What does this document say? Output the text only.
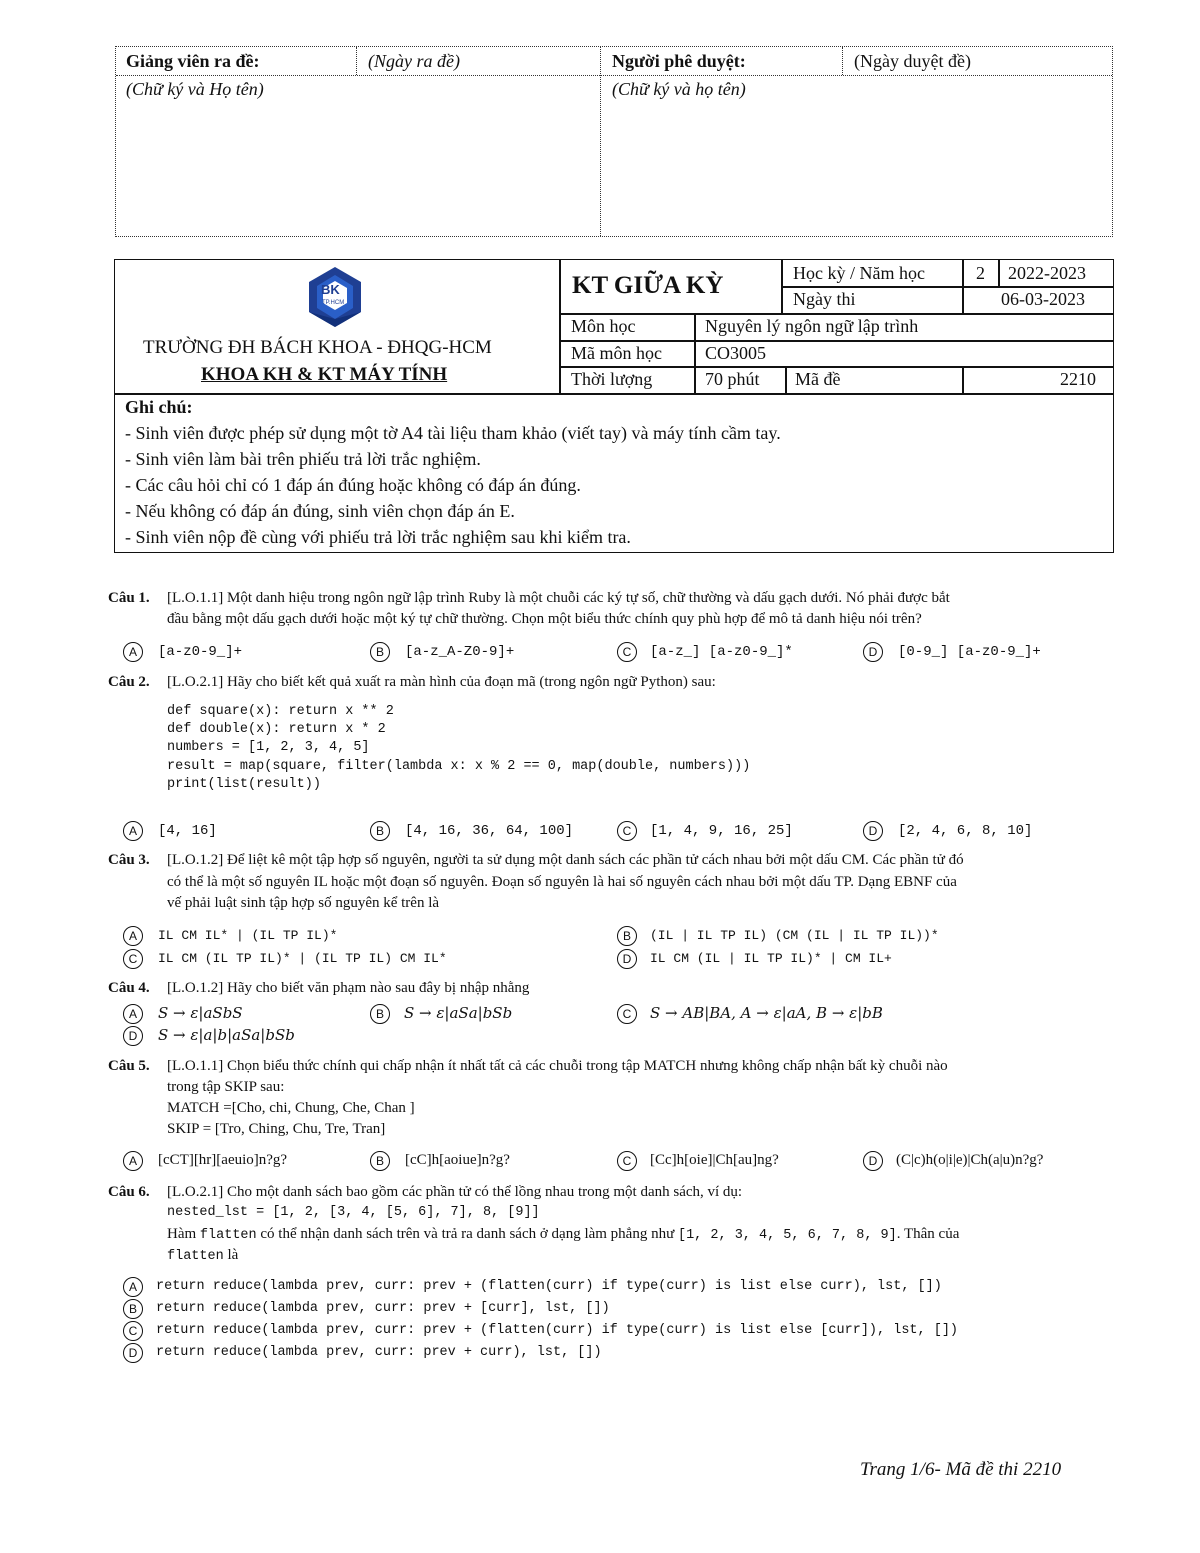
Giảng viên ra đề:	(Ngày ra đề)	Người phê duyệt:	(Ngày duyệt đề)
(Chữ ký và Họ tên)	(Chữ ký và họ tên)
BK
TP.HCM
TRƯỜNG ĐH BÁCH KHOA - ĐHQG-HCM
KHOA KH & KT MÁY TÍNH
KT GIỮA KỲ	Học kỳ / Năm học	2 2022-2023
Ngày thi	06-03-2023
Môn học	Nguyên lý ngôn ngữ lập trình
Mã môn học CO3005
Thời lượng	70 phút Mã đề	2210
Ghi chú:
- Sinh viên được phép sử dụng một tờ A4 tài liệu tham khảo (viết tay) và máy tính cầm tay.
- Sinh viên làm bài trên phiếu trả lời trắc nghiệm.
- Các câu hỏi chỉ có 1 đáp án đúng hoặc không có đáp án đúng.
- Nếu không có đáp án đúng, sinh viên chọn đáp án E.
- Sinh viên nộp đề cùng với phiếu trả lời trắc nghiệm sau khi kiểm tra.
Câu 1. [L.O.1.1] Một danh hiệu trong ngôn ngữ lập trình Ruby là một chuỗi các ký tự số, chữ thường và dấu gạch dưới. Nó phải được bắt
đầu bằng một dấu gạch dưới hoặc một ký tự chữ thường. Chọn một biểu thức chính quy phù hợp để mô tả danh hiệu nói trên?
A	[a-z0-9_]+	B	[a-z_A-Z0-9]+	C	[a-z_] [a-z0-9_]*	D	[0-9_] [a-z0-9_]+
Câu 2. [L.O.2.1] Hãy cho biết kết quả xuất ra màn hình của đoạn mã (trong ngôn ngữ Python) sau:
def square(x): return x ** 2
def double(x): return x * 2
numbers = [1, 2, 3, 4, 5]
result = map(square, filter(lambda x: x % 2 == 0, map(double, numbers)))
print(list(result))
A	[4, 16]	B	[4, 16, 36, 64, 100]	C	[1, 4, 9, 16, 25]	D	[2, 4, 6, 8, 10]
Câu 3. [L.O.1.2] Để liệt kê một tập hợp số nguyên, người ta sử dụng một danh sách các phần tử cách nhau bởi một dấu CM. Các phần tử đó
có thể là một số nguyên IL hoặc một đoạn số nguyên. Đoạn số nguyên là hai số nguyên cách nhau bởi một dấu TP. Dạng EBNF của
vế phải luật sinh tập hợp số nguyên kể trên là
A	IL CM IL* | (IL TP IL)*	B	(IL | IL TP IL) (CM (IL | IL TP IL))*
C	IL CM (IL TP IL)* | (IL TP IL) CM IL*	D	IL CM (IL | IL TP IL)* | CM IL+
Câu 4. [L.O.1.2] Hãy cho biết văn phạm nào sau đây bị nhập nhằng
A	S → ε|aSbS	B	S → ε|aSa|bSb	C	S → AB|BA, A → ε|aA, B → ε|bB
D	S → ε|a|b|aSa|bSb
Câu 5. [L.O.1.1] Chọn biểu thức chính qui chấp nhận ít nhất tất cả các chuỗi trong tập MATCH nhưng không chấp nhận bất kỳ chuỗi nào
trong tập SKIP sau:
MATCH =[Cho, chi, Chung, Che, Chan ]
SKIP = [Tro, Ching, Chu, Tre, Tran]
A	[cCT][hr][aeuio]n?g?	B	[cC]h[aoiue]n?g?	C	[Cc]h[oie]|Ch[au]ng?	D	(C|c)h(o|i|e)|Ch(a|u)n?g?
Câu 6. [L.O.2.1] Cho một danh sách bao gồm các phần tử có thể lồng nhau trong một danh sách, ví dụ:
nested_lst = [1, 2, [3, 4, [5, 6], 7], 8, [9]]
Hàm flatten có thể nhận danh sách trên và trả ra danh sách ở dạng làm phẳng như [1, 2, 3, 4, 5, 6, 7, 8, 9]. Thân của
flatten là
A	return reduce(lambda prev, curr: prev + (flatten(curr) if type(curr) is list else curr), lst, [])
B	return reduce(lambda prev, curr: prev + [curr], lst, [])
C	return reduce(lambda prev, curr: prev + (flatten(curr) if type(curr) is list else [curr]), lst, [])
D	return reduce(lambda prev, curr: prev + curr), lst, [])
Trang 1/6- Mã đề thi 2210
